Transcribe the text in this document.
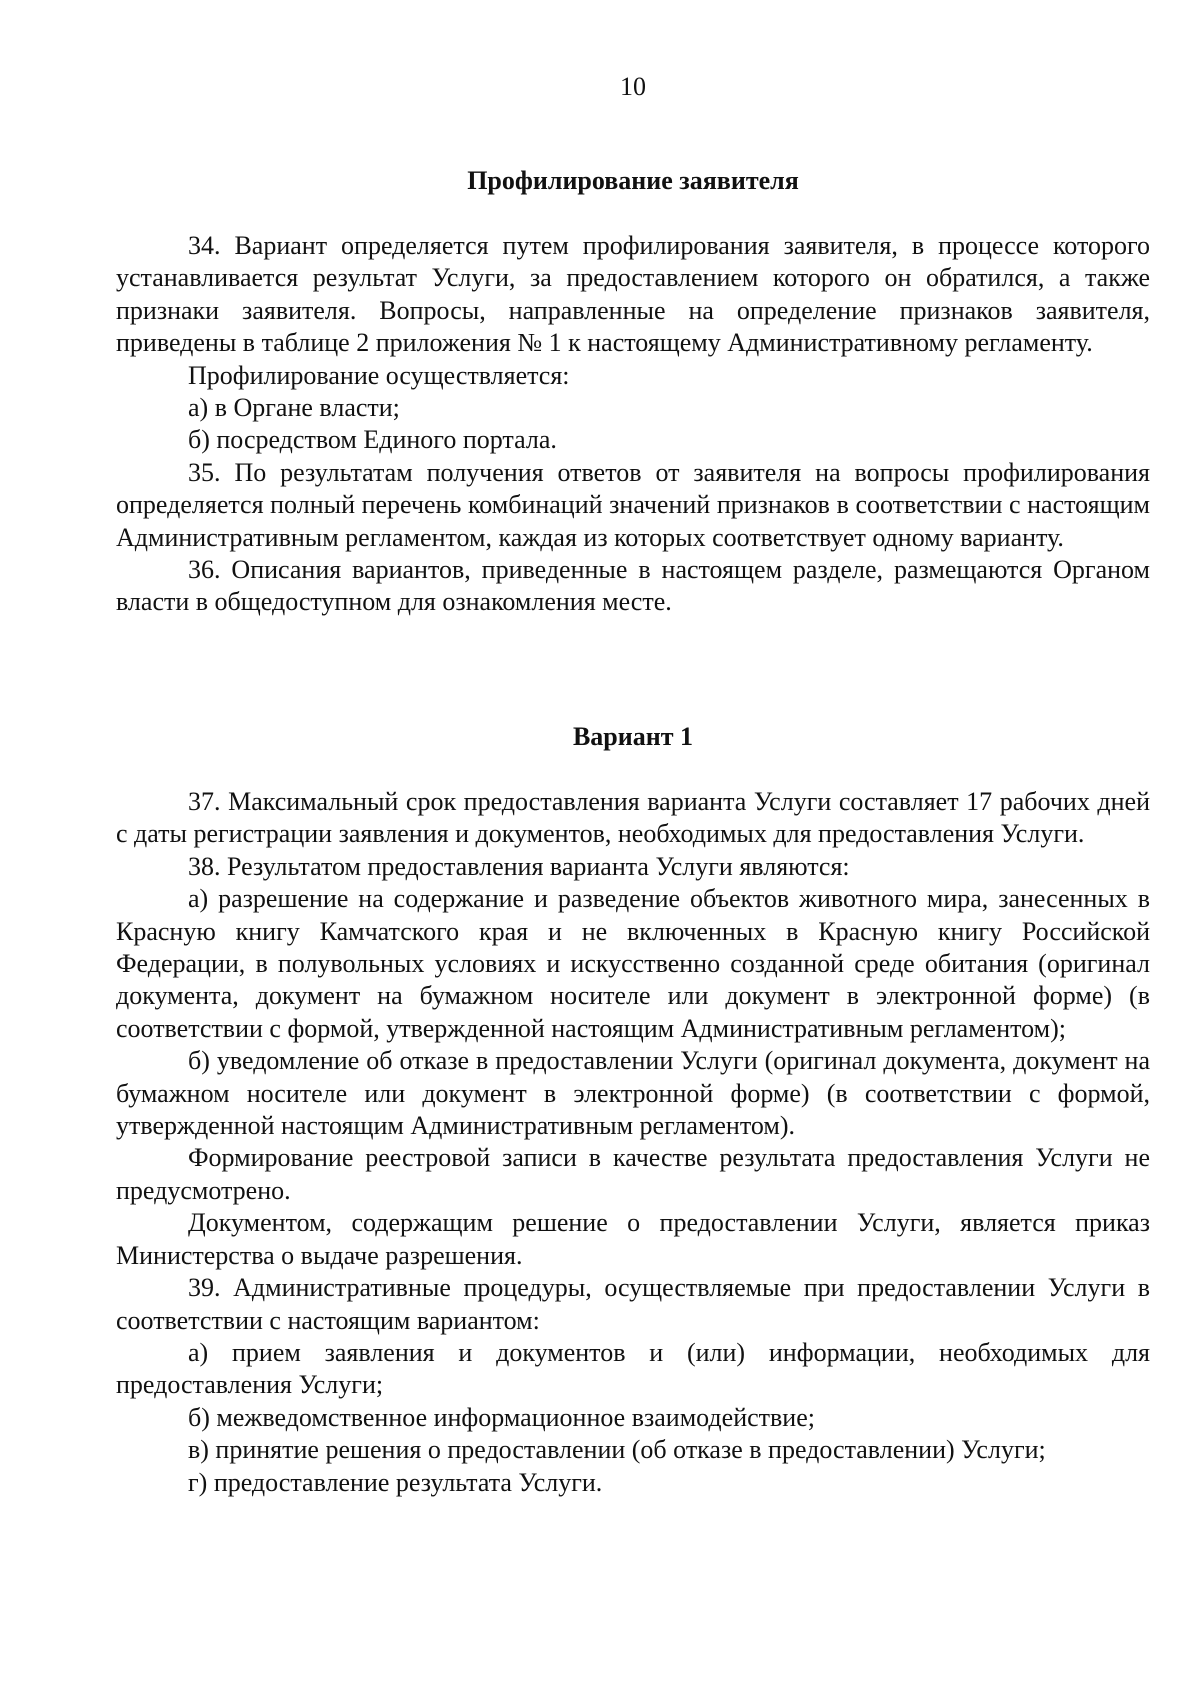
10
Профилирование заявителя

34. Вариант определяется путем профилирования заявителя, в процессе которого устанавливается результат Услуги, за предоставлением которого он обратился, а также признаки заявителя. Вопросы, направленные на определение признаков заявителя, приведены в таблице 2 приложения № 1 к настоящему Административному регламенту.

Профилирование осуществляется:

а) в Органе власти;

б) посредством Единого портала.

35. По результатам получения ответов от заявителя на вопросы профилирования определяется полный перечень комбинаций значений признаков в соответствии с настоящим Административным регламентом, каждая из которых соответствует одному варианту.

36. Описания вариантов, приведенные в настоящем разделе, размещаются Органом власти в общедоступном для ознакомления месте.

Вариант 1

37. Максимальный срок предоставления варианта Услуги составляет 17 рабочих дней с даты регистрации заявления и документов, необходимых для предоставления Услуги.

38. Результатом предоставления варианта Услуги являются:

а) разрешение на содержание и разведение объектов животного мира, занесенных в Красную книгу Камчатского края и не включенных в Красную книгу Российской Федерации, в полувольных условиях и искусственно созданной среде обитания (оригинал документа, документ на бумажном носителе или документ в электронной форме) (в соответствии с формой, утвержденной настоящим Административным регламентом);

б) уведомление об отказе в предоставлении Услуги (оригинал документа, документ на бумажном носителе или документ в электронной форме) (в соответствии с формой, утвержденной настоящим Административным регламентом).

Формирование реестровой записи в качестве результата предоставления Услуги не предусмотрено.

Документом, содержащим решение о предоставлении Услуги, является приказ Министерства о выдаче разрешения.

39. Административные процедуры, осуществляемые при предоставлении Услуги в соответствии с настоящим вариантом:

а) прием заявления и документов и (или) информации, необходимых для предоставления Услуги;

б) межведомственное информационное взаимодействие;

в) принятие решения о предоставлении (об отказе в предоставлении) Услуги;

г) предоставление результата Услуги.
